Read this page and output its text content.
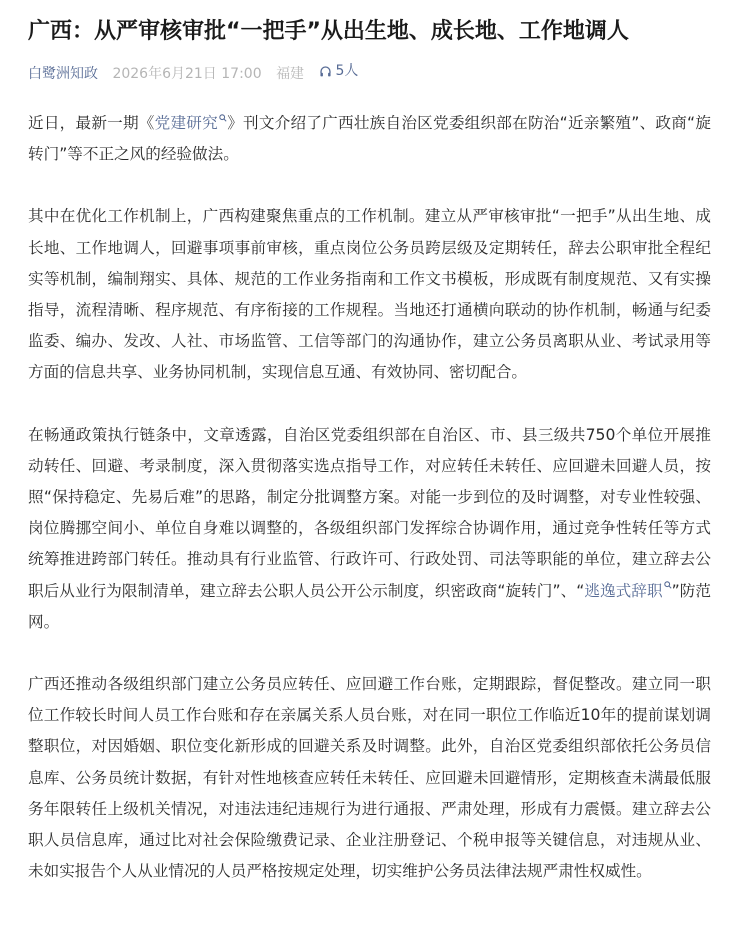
广西：从严审核审批“一把手”从出生地、成长地、工作地调人
白鹭洲知政 2026年6月21日 17:00 福建 5人

近日，最新一期《党建研究 》刊文介绍了广西壮族自治区党委组织部在防治“近亲繁殖”、政商“旋转门”等不正之风的经验做法。

其中在优化工作机制上，广西构建聚焦重点的工作机制。建立从严审核审批“一把手”从出生地、成长地、工作地调人，回避事项事前审核，重点岗位公务员跨层级及定期转任，辞去公职审批全程纪实等机制，编制翔实、具体、规范的工作业务指南和工作文书模板，形成既有制度规范、又有实操指导，流程清晰、程序规范、有序衔接的工作规程。当地还打通横向联动的协作机制，畅通与纪委监委、编办、发改、人社、市场监管、工信等部门的沟通协作，建立公务员离职从业、考试录用等方面的信息共享、业务协同机制，实现信息互通、有效协同、密切配合。

在畅通政策执行链条中，文章透露，自治区党委组织部在自治区、市、县三级共750个单位开展推动转任、回避、考录制度，深入贯彻落实选点指导工作，对应转任未转任、应回避未回避人员，按照“保持稳定、先易后难”的思路，制定分批调整方案。对能一步到位的及时调整，对专业性较强、岗位腾挪空间小、单位自身难以调整的，各级组织部门发挥综合协调作用，通过竞争性转任等方式统筹推进跨部门转任。推动具有行业监管、行政许可、行政处罚、司法等职能的单位，建立辞去公职后从业行为限制清单，建立辞去公职人员公开公示制度，织密政商“旋转门”、“逃逸式辞职 ”防范网。

广西还推动各级组织部门建立公务员应转任、应回避工作台账，定期跟踪，督促整改。建立同一职位工作较长时间人员工作台账和存在亲属关系人员台账，对在同一职位工作临近10年的提前谋划调整职位，对因婚姻、职位变化新形成的回避关系及时调整。此外，自治区党委组织部依托公务员信息库、公务员统计数据，有针对性地核查应转任未转任、应回避未回避情形，定期核查未满最低服务年限转任上级机关情况，对违法违纪违规行为进行通报、严肃处理，形成有力震慑。建立辞去公职人员信息库，通过比对社会保险缴费记录、企业注册登记、个税申报等关键信息，对违规从业、未如实报告个人从业情况的人员严格按规定处理，切实维护公务员法律法规严肃性权威性。
